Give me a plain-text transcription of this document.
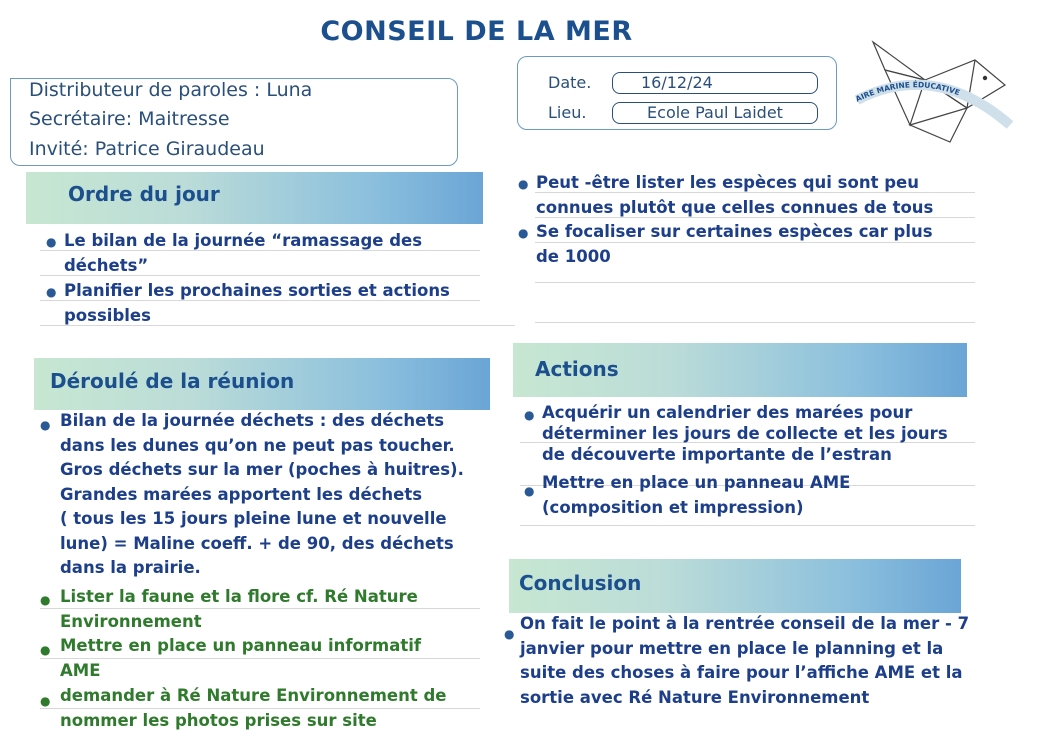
CONSEIL DE LA MER
Distributeur de paroles : Luna
Secrétaire: Maitresse
Invité: Patrice Giraudeau
Date.	16/12/24
Lieu.	Ecole Paul Laidet
IRE MARINE ÉDUCATIVE
Ordre du jour
● Le bilan de la journée “ramassage des déchets”
● Planifier les prochaines sorties et actions possibles
Déroulé de la réunion
● Bilan de la journée déchets : des déchets
dans les dunes qu’on ne peut pas toucher.
Gros déchets sur la mer (poches à huitres).
Grandes marées apportent les déchets
( tous les 15 jours pleine lune et nouvelle
lune) = Maline coeff. + de 90, des déchets
dans la prairie.
● Lister la faune et la flore cf. Ré Nature
Environnement
● Mettre en place un panneau informatif
AME
● demander à Ré Nature Environnement de
nommer les photos prises sur site
● Peut -être lister les espèces qui sont peu connues plutôt que celles connues de tous
● Se focaliser sur certaines espèces car plus de 1000
Actions
● Acquérir un calendrier des marées pour déterminer les jours de collecte et les jours de découverte importante de l’estran
● Mettre en place un panneau AME (composition et impression)
Conclusion
●
On fait le point à la rentrée conseil de la mer - 7 janvier pour mettre en place le planning et la suite des choses à faire pour l’affiche AME et la sortie avec Ré Nature Environnement
